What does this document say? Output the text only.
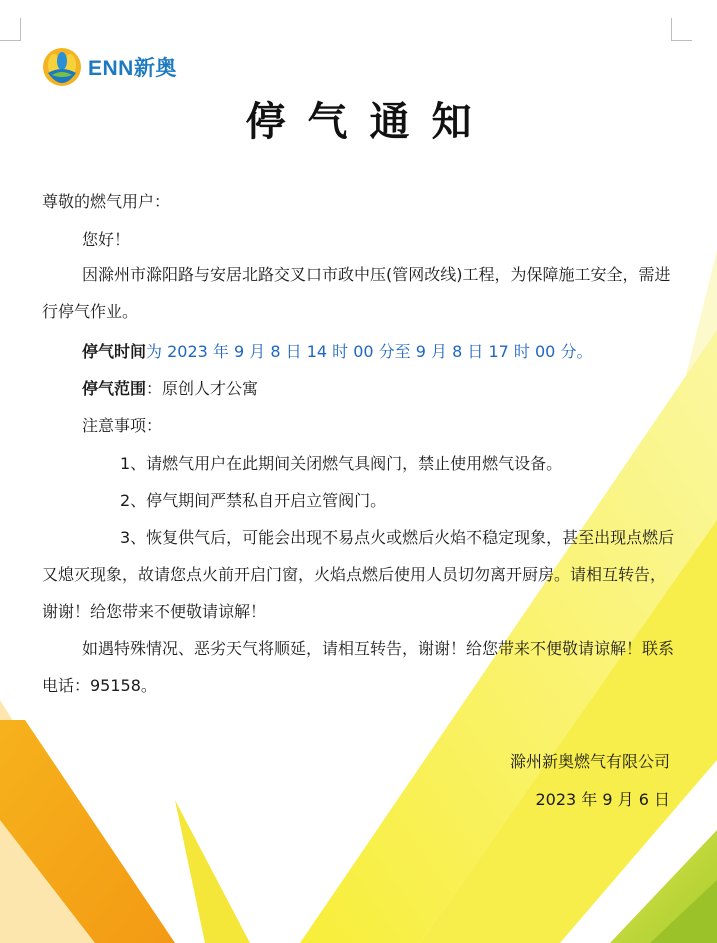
ENN新奥
停气通知
尊敬的燃气用户：
您好！
因滁州市滁阳路与安居北路交叉口市政中压(管网改线)工程，为保障施工安全，需进行停气作业。
停气时间为 2023 年 9 月 8 日 14 时 00 分至 9 月 8 日 17 时 00 分。
停气范围：原创人才公寓
注意事项：
1、请燃气用户在此期间关闭燃气具阀门，禁止使用燃气设备。
2、停气期间严禁私自开启立管阀门。
3、恢复供气后，可能会出现不易点火或燃后火焰不稳定现象，甚至出现点燃后又熄灭现象，故请您点火前开启门窗，火焰点燃后使用人员切勿离开厨房。请相互转告，谢谢！给您带来不便敬请谅解！
如遇特殊情况、恶劣天气将顺延，请相互转告，谢谢！给您带来不便敬请谅解！联系电话：95158。
滁州新奥燃气有限公司
2023 年 9 月 6 日
